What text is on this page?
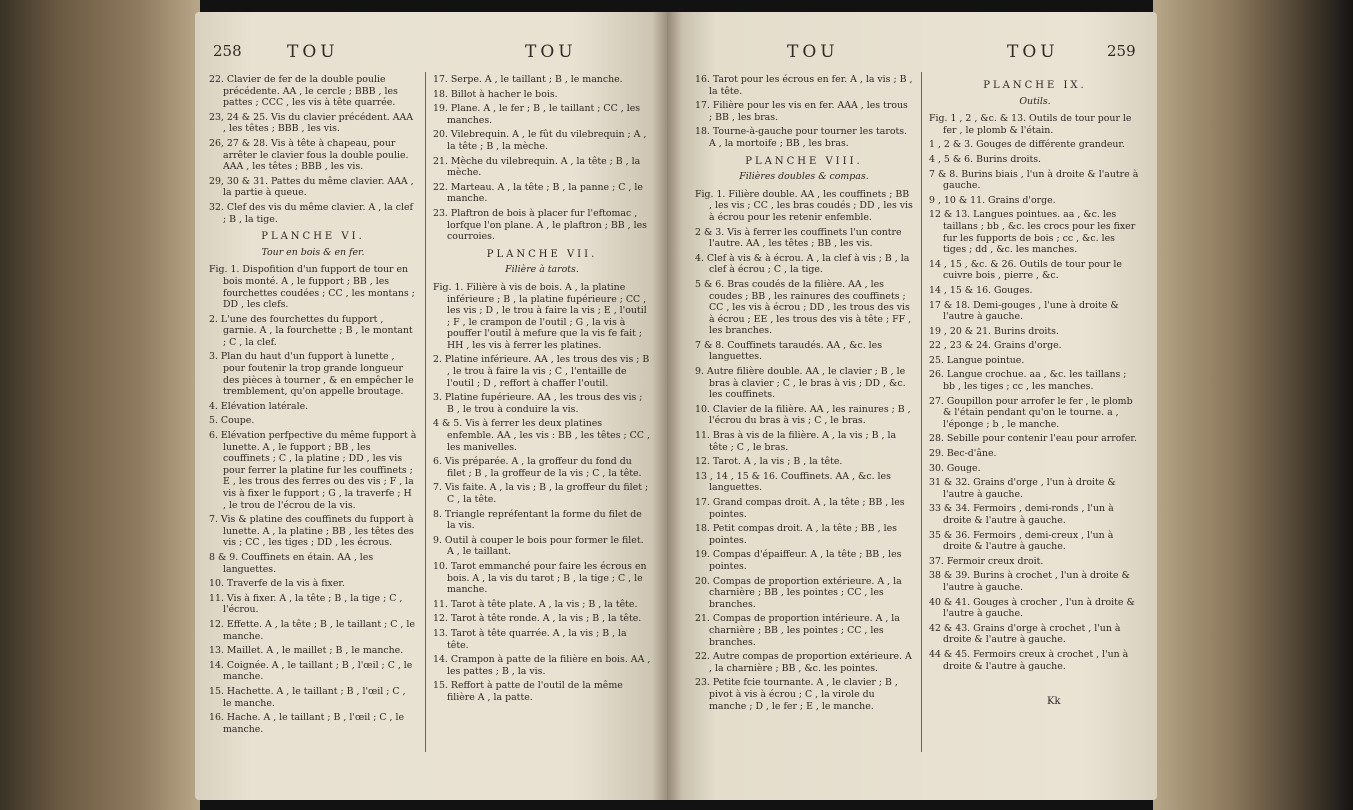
258	TOU	TOU
22. Clavier de fer de la double poulie précédente. AA , le cercle ; BBB , les pattes ; CCC , les vis à tête quarrée.
23, 24 & 25. Vis du clavier précédent. AAA , les têtes ; BBB , les vis.
26, 27 & 28. Vis à tête à chapeau, pour arrêter le clavier fous la double poulie. AAA , les têtes ; BBB , les vis.
29, 30 & 31. Pattes du même clavier. AAA , la partie à queue.
32. Clef des vis du même clavier. A , la clef ; B , la tige.
PLANCHE VI.
Tour en bois & en fer.
Fig. 1. Dispofition d'un fupport de tour en bois monté. A , le fupport ; BB , les fourchettes coudées ; CC , les montans ; DD , les clefs.
2. L'une des fourchettes du fupport , garnie. A , la fourchette ; B , le montant ; C , la clef.
3. Plan du haut d'un fupport à lunette , pour foutenir la trop grande longueur des pièces à tourner , & en empêcher le tremblement, qu'on appelle broutage.
4. Elévation latérale.
5. Coupe.
6. Elévation perfpective du même fupport à lunette. A , le fupport ; BB , les couffinets ; C , la platine ; DD , les vis pour ferrer la platine fur les couffinets ; E , les trous des ferres ou des vis ; F , la vis à fixer le fupport ; G , la traverfe ; H , le trou de l'écrou de la vis.
7. Vis & platine des couffinets du fupport à lunette. A , la platine ; BB , les têtes des vis ; CC , les tiges ; DD , les écrous.
8 & 9. Couffinets en étain. AA , les languettes.
10. Traverfe de la vis à fixer.
11. Vis à fixer. A , la tête ; B , la tige ; C , l'écrou.
12. Effette. A , la tête ; B , le taillant ; C , le manche.
13. Maillet. A , le maillet ; B , le manche.
14. Coignée. A , le taillant ; B , l'œil ; C , le manche.
15. Hachette. A , le taillant ; B , l'œil ; C , le manche.
16. Hache. A , le taillant ; B , l'œil ; C , le manche.
17. Serpe. A , le taillant ; B , le manche.
18. Billot à hacher le bois.
19. Plane. A , le fer ; B , le taillant ; CC , les manches.
20. Vilebrequin. A , le fût du vilebrequin ; A , la tête ; B , la mèche.
21. Mèche du vilebrequin. A , la tête ; B , la mèche.
22. Marteau. A , la tête ; B , la panne ; C , le manche.
23. Plaftron de bois à placer fur l'eftomac , lorfque l'on plane. A , le plaftron ; BB , les courroies.
PLANCHE VII.
Filière à tarots.
Fig. 1. Filière à vis de bois. A , la platine inférieure ; B , la platine fupérieure ; CC , les vis ; D , le trou à faire la vis ; E , l'outil ; F , le crampon de l'outil ; G , la vis à pouffer l'outil à mefure que la vis fe fait ; HH , les vis à ferrer les platines.
2. Platine inférieure. AA , les trous des vis ; B , le trou à faire la vis ; C , l'entaille de l'outil ; D , reffort à chaffer l'outil.
3. Platine fupérieure. AA , les trous des vis ; B , le trou à conduire la vis.
4 & 5. Vis à ferrer les deux platines enfemble. AA , les vis : BB , les têtes ; CC , les manivelles.
6. Vis préparée. A , la groffeur du fond du filet ; B , la groffeur de la vis ; C , la tête.
7. Vis faite. A , la vis ; B , la groffeur du filet ; C , la tête.
8. Triangle repréfentant la forme du filet de la vis.
9. Outil à couper le bois pour former le filet. A , le taillant.
10. Tarot emmanché pour faire les écrous en bois. A , la vis du tarot ; B , la tige ; C , le manche.
11. Tarot à tête plate. A , la vis ; B , la tête.
12. Tarot à tête ronde. A , la vis ; B , la tête.
13. Tarot à tête quarrée. A , la vis ; B , la tête.
14. Crampon à patte de la filière en bois. AA , les pattes ; B , la vis.
15. Reffort à patte de l'outil de la même filière A , la patte.
TOU	TOU	259
16. Tarot pour les écrous en fer. A , la vis ; B , la tête.
17. Filière pour les vis en fer. AAA , les trous ; BB , les bras.
18. Tourne-à-gauche pour tourner les tarots. A , la mortoife ; BB , les bras.
PLANCHE VIII.
Filières doubles & compas.
Fig. 1. Filière double. AA , les couffinets ; BB , les vis ; CC , les bras coudés ; DD , les vis à écrou pour les retenir enfemble.
2 & 3. Vis à ferrer les couffinets l'un contre l'autre. AA , les têtes ; BB , les vis.
4. Clef à vis & à écrou. A , la clef à vis ; B , la clef à écrou ; C , la tige.
5 & 6. Bras coudés de la filière. AA , les coudes ; BB , les rainures des couffinets ; CC , les vis à écrou ; DD , les trous des vis à écrou ; EE , les trous des vis à tête ; FF , les branches.
7 & 8. Couffinets taraudés. AA , &c. les languettes.
9. Autre filière double. AA , le clavier ; B , le bras à clavier ; C , le bras à vis ; DD , &c. les couffinets.
10. Clavier de la filière. AA , les rainures ; B , l'écrou du bras à vis ; C , le bras.
11. Bras à vis de la filière. A , la vis ; B , la tête ; C , le bras.
12. Tarot. A , la vis ; B , la tête.
13 , 14 , 15 & 16. Couffinets. AA , &c. les languettes.
17. Grand compas droit. A , la tête ; BB , les pointes.
18. Petit compas droit. A , la tête ; BB , les pointes.
19. Compas d'épaiffeur. A , la tête ; BB , les pointes.
20. Compas de proportion extérieure. A , la charnière ; BB , les pointes ; CC , les branches.
21. Compas de proportion intérieure. A , la charnière ; BB , les pointes ; CC , les branches.
22. Autre compas de proportion extérieure. A , la charnière ; BB , &c. les pointes.
23. Petite fcie tournante. A , le clavier ; B , pivot à vis à écrou ; C , la virole du manche ; D , le fer ; E , le manche.
PLANCHE IX.
Outils.
Fig. 1 , 2 , &c. & 13. Outils de tour pour le fer , le plomb & l'étain.
1 , 2 & 3. Gouges de différente grandeur.
4 , 5 & 6. Burins droits.
7 & 8. Burins biais , l'un à droite & l'autre à gauche.
9 , 10 & 11. Grains d'orge.
12 & 13. Langues pointues. aa , &c. les taillans ; bb , &c. les crocs pour les fixer fur les fupports de bois ; cc , &c. les tiges ; dd , &c. les manches.
14 , 15 , &c. & 26. Outils de tour pour le cuivre bois , pierre , &c.
14 , 15 & 16. Gouges.
17 & 18. Demi-gouges , l'une à droite & l'autre à gauche.
19 , 20 & 21. Burins droits.
22 , 23 & 24. Grains d'orge.
25. Langue pointue.
26. Langue crochue. aa , &c. les taillans ; bb , les tiges ; cc , les manches.
27. Goupillon pour arrofer le fer , le plomb & l'étain pendant qu'on le tourne. a , l'éponge ; b , le manche.
28. Sebille pour contenir l'eau pour arrofer.
29. Bec-d'âne.
30. Gouge.
31 & 32. Grains d'orge , l'un à droite & l'autre à gauche.
33 & 34. Fermoirs , demi-ronds , l'un à droite & l'autre à gauche.
35 & 36. Fermoirs , demi-creux , l'un à droite & l'autre à gauche.
37. Fermoir creux droit.
38 & 39. Burins à crochet , l'un à droite & l'autre à gauche.
40 & 41. Gouges à crocher , l'un à droite & l'autre à gauche.
42 & 43. Grains d'orge à crochet , l'un à droite & l'autre à gauche.
44 & 45. Fermoirs creux à crochet , l'un à droite & l'autre à gauche.
Kk
